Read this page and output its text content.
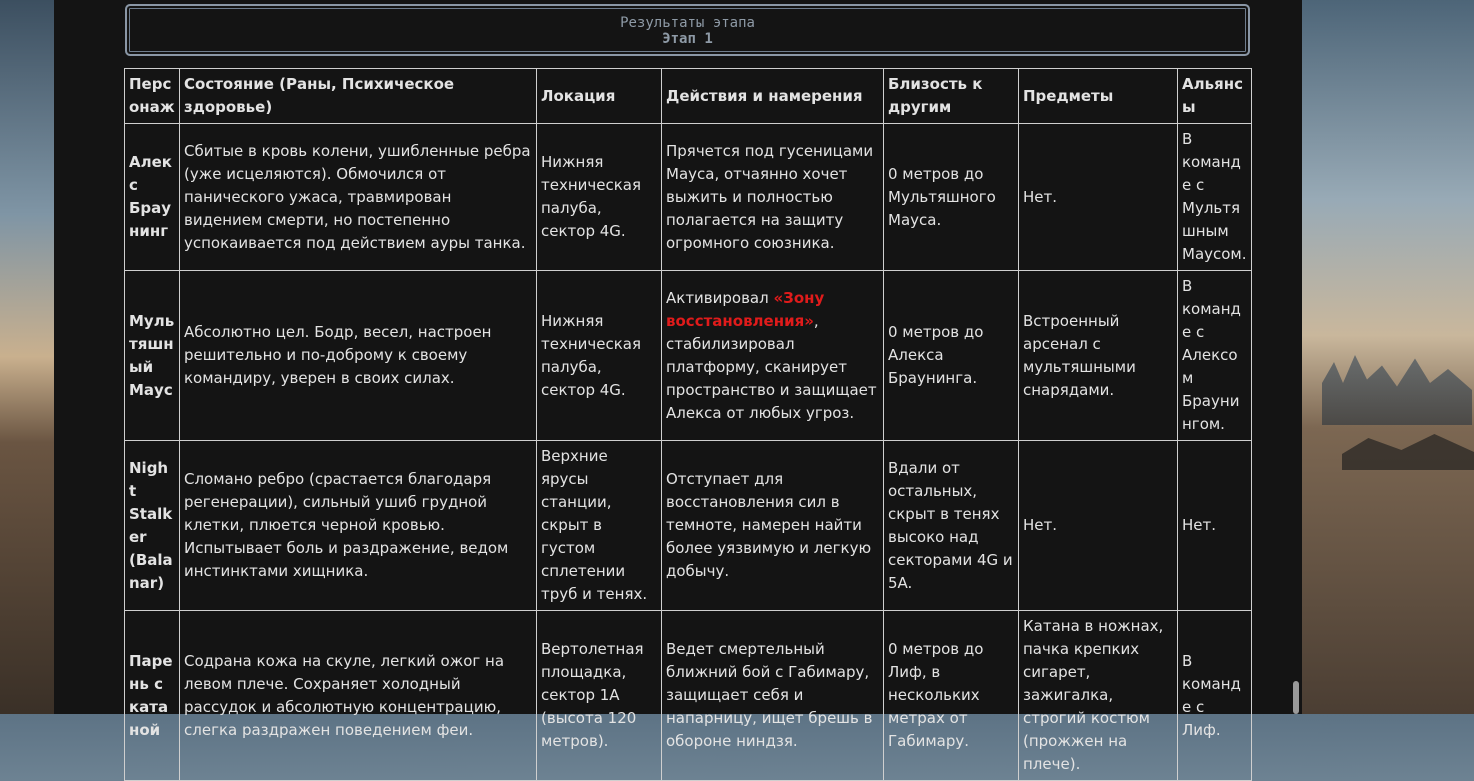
Результаты этапа
Этап 1
Персонаж	Состояние (Раны, Психическое здоровье)	Локация	Действия и намерения	Близость к другим	Предметы	Альянсы
Алекс Браунинг	Сбитые в кровь колени, ушибленные ребра (уже исцеляются). Обмочился от панического ужаса, травмирован видением смерти, но постепенно успокаивается под действием ауры танка.	Нижняя техническая палуба, сектор 4G.	Прячется под гусеницами Мауса, отчаянно хочет выжить и полностью полагается на защиту огромного союзника.	0 метров до Мультяшного Мауса.	Нет.	В команде с Мультяшным Маусом.
Мультяшный Маус	Абсолютно цел. Бодр, весел, настроен решительно и по-доброму к своему командиру, уверен в своих силах.	Нижняя техническая палуба, сектор 4G.	Активировал «Зону восстановления», стабилизировал платформу, сканирует пространство и защищает Алекса от любых угроз.	0 метров до Алекса Браунинга.	Встроенный арсенал с мультяшными снарядами.	В команде с Алексом Браунингом.
Night Stalker (Balanar)	Сломано ребро (срастается благодаря регенерации), сильный ушиб грудной клетки, плюется черной кровью. Испытывает боль и раздражение, ведом инстинктами хищника.	Верхние ярусы станции, скрыт в густом сплетении труб и тенях.	Отступает для восстановления сил в темноте, намерен найти более уязвимую и легкую добычу.	Вдали от остальных, скрыт в тенях высоко над секторами 4G и 5A.	Нет.	Нет.
Парень с катаной	Содрана кожа на скуле, легкий ожог на левом плече. Сохраняет холодный рассудок и абсолютную концентрацию, слегка раздражен поведением феи.	Вертолетная площадка, сектор 1A (высота 120 метров).	Ведет смертельный ближний бой с Габимару, защищает себя и напарницу, ищет брешь в обороне ниндзя.	0 метров до Лиф, в нескольких метрах от Габимару.	Катана в ножнах, пачка крепких сигарет, зажигалка, строгий костюм (прожжен на плече).	В команде с Лиф.
